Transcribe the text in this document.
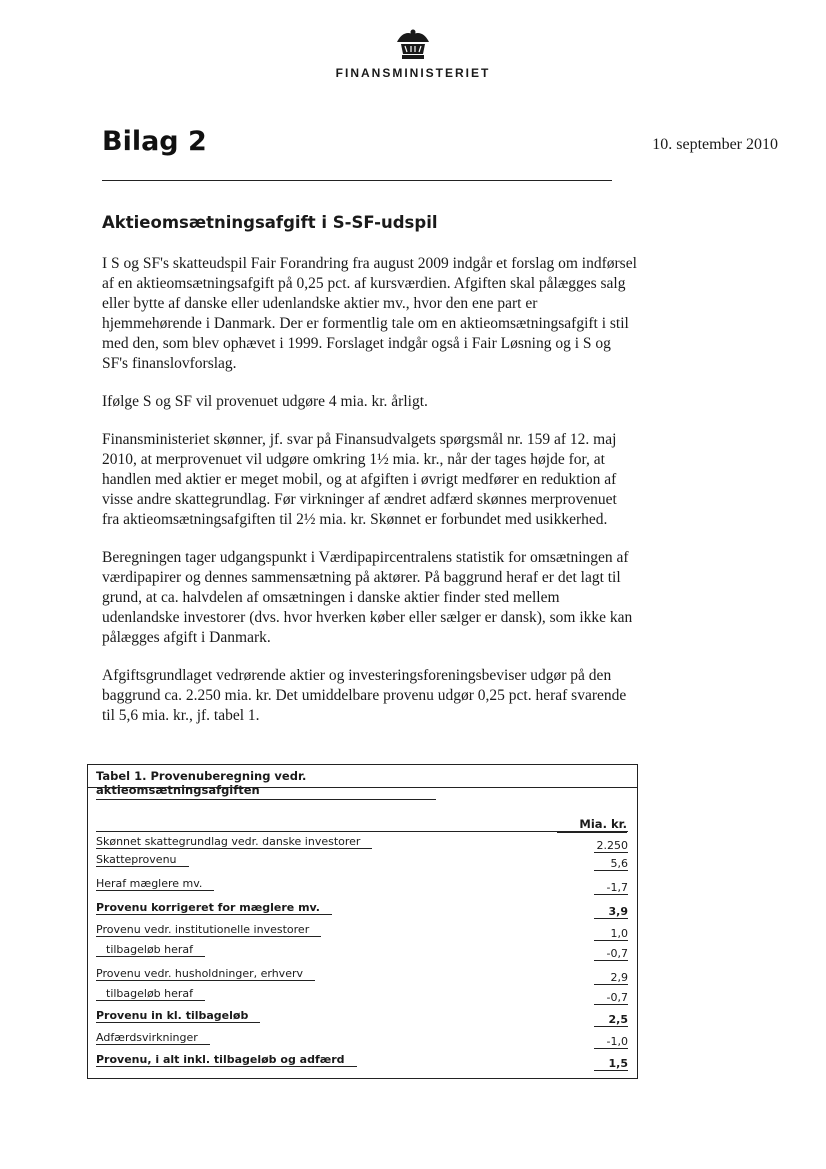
FINANSMINISTERIET
Bilag 2	10. september 2010
Aktieomsætningsafgift i S-SF-udspil

I S og SF's skatteudspil Fair Forandring fra august 2009 indgår et forslag om indførsel af en aktieomsætningsafgift på 0,25 pct. af kursværdien. Afgiften skal pålægges salg eller bytte af danske eller udenlandske aktier mv., hvor den ene part er hjemmehørende i Danmark. Der er formentlig tale om en aktieomsætningsafgift i stil med den, som blev ophævet i 1999. Forslaget indgår også i Fair Løsning og i S og SF's finanslovforslag.

Ifølge S og SF vil provenuet udgøre 4 mia. kr. årligt.

Finansministeriet skønner, jf. svar på Finansudvalgets spørgsmål nr. 159 af 12. maj 2010, at merprovenuet vil udgøre omkring 1½ mia. kr., når der tages højde for, at handlen med aktier er meget mobil, og at afgiften i øvrigt medfører en reduktion af visse andre skattegrundlag. Før virkninger af ændret adfærd skønnes merprovenuet fra aktieomsætningsafgiften til 2½ mia. kr. Skønnet er forbundet med usikkerhed.

Beregningen tager udgangspunkt i Værdipapircentralens statistik for omsætningen af værdipapirer og dennes sammensætning på aktører. På baggrund heraf er det lagt til grund, at ca. halvdelen af omsætningen i danske aktier finder sted mellem udenlandske investorer (dvs. hvor hverken køber eller sælger er dansk), som ikke kan pålægges afgift i Danmark.

Afgiftsgrundlaget vedrørende aktier og investeringsforeningsbeviser udgør på den baggrund ca. 2.250 mia. kr. Det umiddelbare provenu udgør 0,25 pct. heraf svarende til 5,6 mia. kr., jf. tabel 1.

Tabel 1. Provenuberegning vedr. aktieomsætningsafgiften
Mia. kr.
Skønnet skattegrundlag vedr. danske investorer	2.250
Skatteprovenu	5,6
Heraf mæglere mv.	-1,7
Provenu korrigeret for mæglere mv.	3,9
Provenu vedr. institutionelle investorer	1,0
tilbageløb heraf	-0,7
Provenu vedr. husholdninger, erhverv	2,9
tilbageløb heraf	-0,7
Provenu in kl. tilbageløb	2,5
Adfærdsvirkninger	-1,0
Provenu, i alt inkl. tilbageløb og adfærd	1,5
